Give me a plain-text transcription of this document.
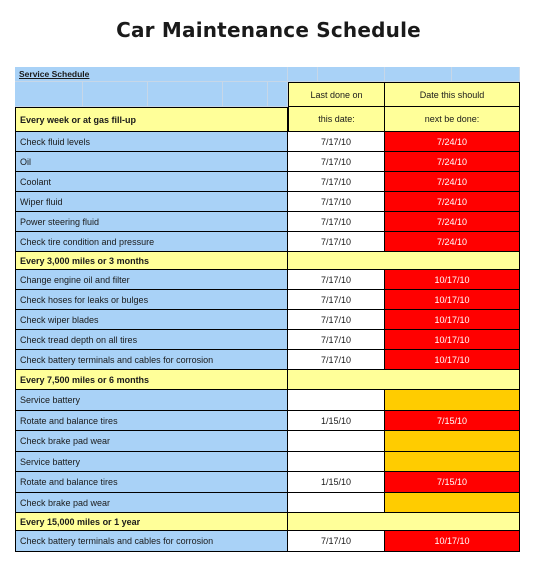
Car Maintenance Schedule
Service Schedule
Last done on	Date this should
Every week or at gas fill-up	this date:	next be done:
Check fluid levels	7/17/10	7/24/10
Oil	7/17/10	7/24/10
Coolant	7/17/10	7/24/10
Wiper fluid	7/17/10	7/24/10
Power steering fluid	7/17/10	7/24/10
Check tire condition and pressure	7/17/10	7/24/10
Every 3,000 miles or 3 months
Change engine oil and filter	7/17/10	10/17/10
Check hoses for leaks or bulges	7/17/10	10/17/10
Check wiper blades	7/17/10	10/17/10
Check tread depth on all tires	7/17/10	10/17/10
Check battery terminals and cables for corrosion	7/17/10	10/17/10
Every 7,500 miles or 6 months
Service battery
Rotate and balance tires	1/15/10	7/15/10
Check brake pad wear
Service battery
Rotate and balance tires	1/15/10	7/15/10
Check brake pad wear
Every 15,000 miles or 1 year
Check battery terminals and cables for corrosion	7/17/10	10/17/10
